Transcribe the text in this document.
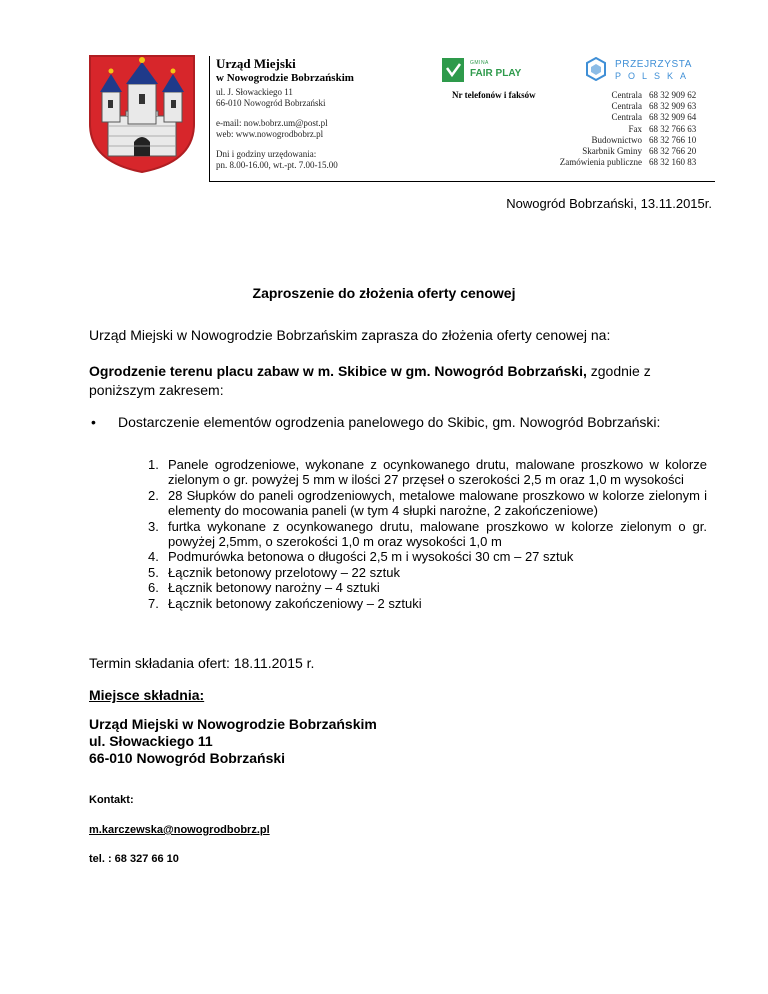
Urząd Miejski
w Nowogrodzie Bobrzańskim
ul. J. Słowackiego 11
66-010 Nowogród Bobrzański
e-mail: now.bobrz.um@post.pl
web: www.nowogrodbobrz.pl
Dni i godziny urzędowania:
pn. 8.00-16.00, wt.-pt. 7.00-15.00
GMINA
FAIR PLAY
PRZEJRZYSTA
POLSKA
Nr telefonów i faksów	Centrala 68 32 909 62
Centrala 68 32 909 63
Centrala 68 32 909 64
Fax 68 32 766 63
Budownictwo 68 32 766 10
Skarbnik Gminy 68 32 766 20
Zamówienia publiczne 68 32 160 83
Nowogród Bobrzański, 13.11.2015r.
Zaproszenie do złożenia oferty cenowej
Urząd Miejski w Nowogrodzie Bobrzańskim zaprasza do złożenia oferty cenowej na:
Ogrodzenie terenu placu zabaw w m. Skibice w gm. Nowogród Bobrzański, zgodnie z poniższym zakresem:
• Dostarczenie elementów ogrodzenia panelowego do Skibic, gm. Nowogród Bobrzański:
1. Panele ogrodzeniowe, wykonane z ocynkowanego drutu, malowane proszkowo w kolorze zielonym o gr. powyżej 5 mm w ilości 27 przęseł o szerokości 2,5 m oraz 1,0 m wysokości
2. 28 Słupków do paneli ogrodzeniowych, metalowe malowane proszkowo w kolorze zielonym i elementy do mocowania paneli (w tym 4 słupki narożne, 2 zakończeniowe)
3. furtka wykonane z ocynkowanego drutu, malowane proszkowo w kolorze zielonym o gr. powyżej 2,5mm, o szerokości 1,0 m oraz wysokości 1,0 m
4. Podmurówka betonowa o długości 2,5 m i wysokości 30 cm – 27 sztuk
5. Łącznik betonowy przelotowy – 22 sztuk
6. Łącznik betonowy narożny – 4 sztuki
7. Łącznik betonowy zakończeniowy – 2 sztuki
Termin składania ofert: 18.11.2015 r.
Miejsce składnia:
Urząd Miejski w Nowogrodzie Bobrzańskim
ul. Słowackiego 11
66-010 Nowogród Bobrzański
Kontakt:
m.karczewska@nowogrodbobrz.pl
tel. : 68 327 66 10
